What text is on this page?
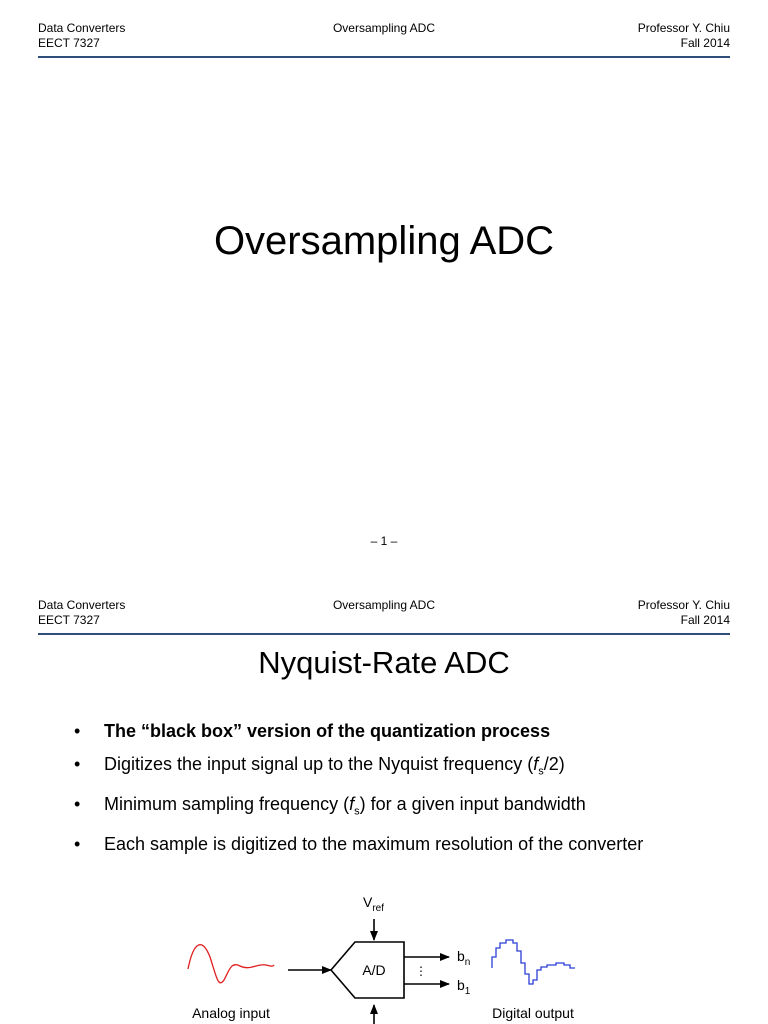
Data Converters
EECT 7327
Oversampling ADC	Professor Y. Chiu
Fall 2014
Oversampling ADC
– 1 –
Data Converters
EECT 7327
Oversampling ADC	Professor Y. Chiu
Fall 2014
Nyquist-Rate ADC
• The “black box” version of the quantization process
• Digitizes the input signal up to the Nyquist frequency $(f_s/2)$
• Minimum sampling frequency $(f_s)$ for a given input bandwidth
• Each sample is digitized to the maximum resolution of the converter
$V_{ref}$
A/D ⋮
$b_n$
$b_1$
Analog input	Digital output
